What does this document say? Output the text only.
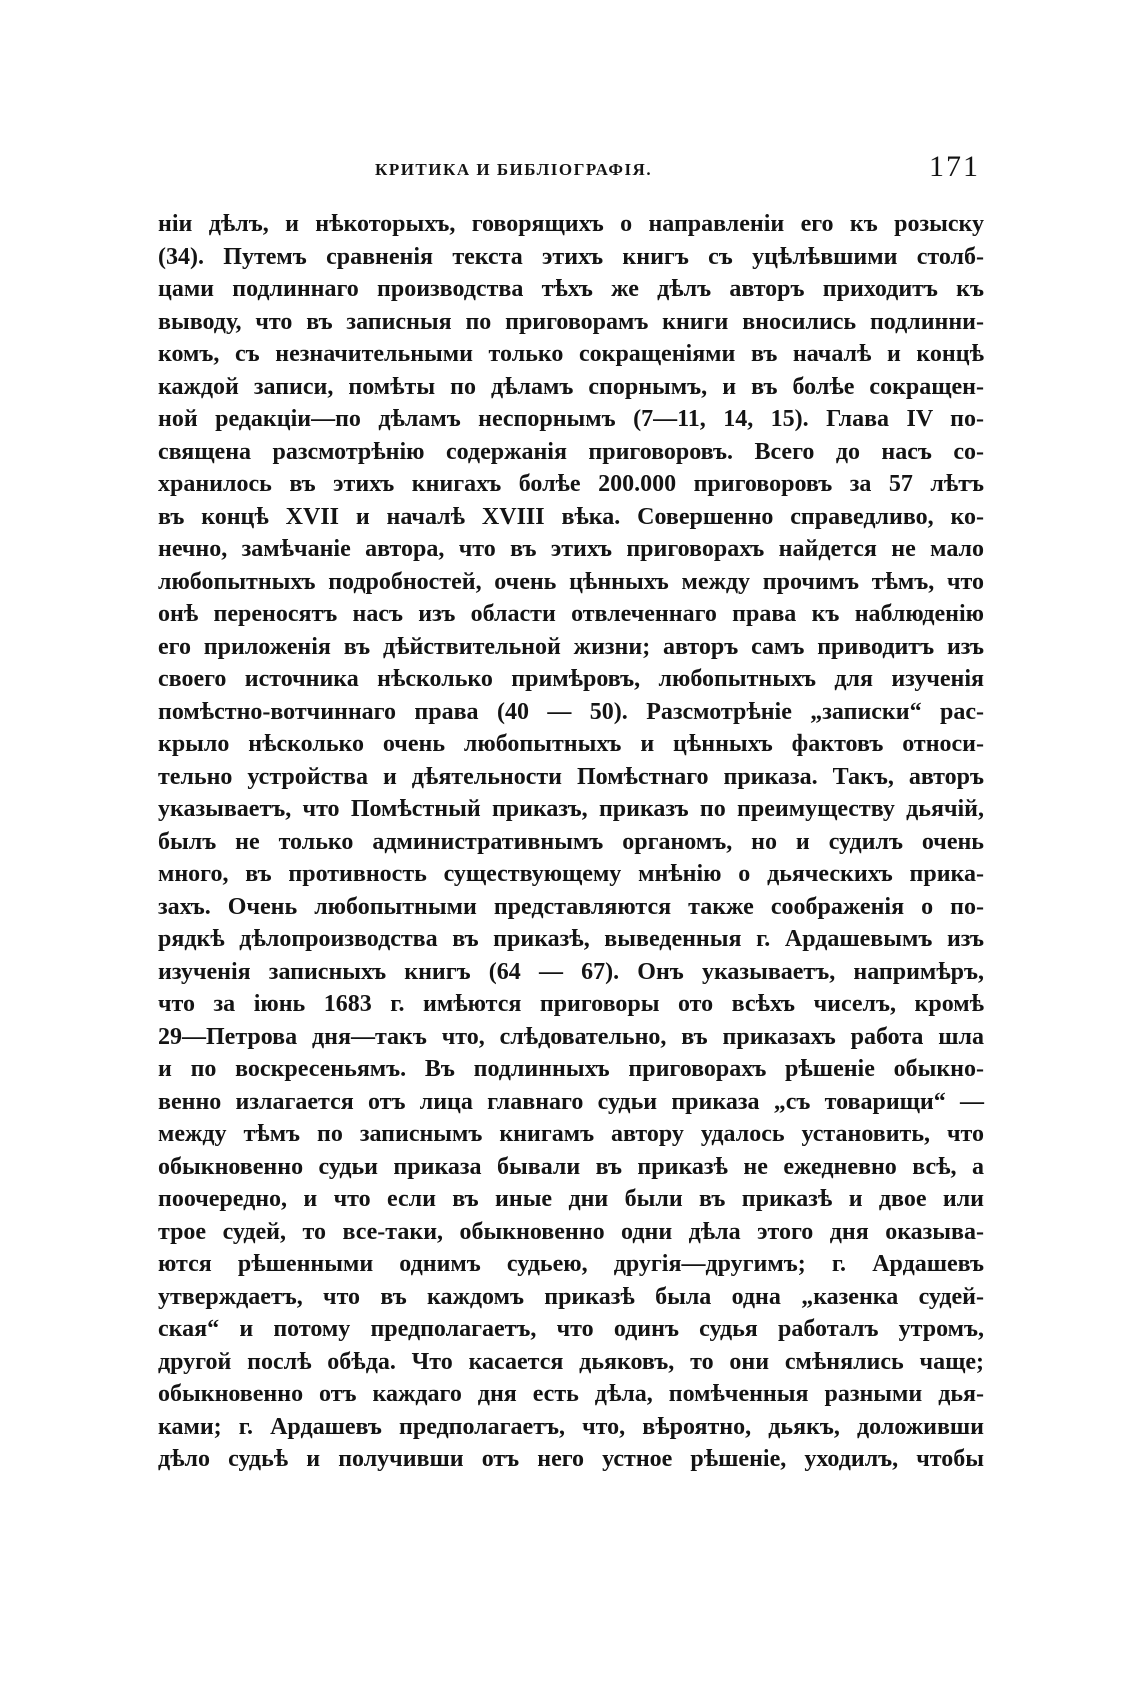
КРИТИКА И БИБЛІОГРАФІЯ.	171
ніи дѣлъ, и нѣкоторыхъ, говорящихъ о направленіи его къ розыску
(34). Путемъ сравненія текста этихъ книгъ съ уцѣлѣвшими столб-
цами подлиннаго производства тѣхъ же дѣлъ авторъ приходитъ къ
выводу, что въ записныя по приговорамъ книги вносились подлинни-
комъ, съ незначительными только сокращеніями въ началѣ и концѣ
каждой записи, помѣты по дѣламъ спорнымъ, и въ болѣе сокращен-
ной редакціи—по дѣламъ неспорнымъ (7—11, 14, 15). Глава IV по-
священа разсмотрѣнію содержанія приговоровъ. Всего до насъ со-
хранилось въ этихъ книгахъ болѣе 200.000 приговоровъ за 57 лѣтъ
въ концѣ XVII и началѣ XVIII вѣка. Совершенно справедливо, ко-
нечно, замѣчаніе автора, что въ этихъ приговорахъ найдется не мало
любопытныхъ подробностей, очень цѣнныхъ между прочимъ тѣмъ, что
онѣ переносятъ насъ изъ области отвлеченнаго права къ наблюденію
его приложенія въ дѣйствительной жизни; авторъ самъ приводитъ изъ
своего источника нѣсколько примѣровъ, любопытныхъ для изученія
помѣстно-вотчиннаго права (40 — 50). Разсмотрѣніе „записки“ рас-
крыло нѣсколько очень любопытныхъ и цѣнныхъ фактовъ относи-
тельно устройства и дѣятельности Помѣстнаго приказа. Такъ, авторъ
указываетъ, что Помѣстный приказъ, приказъ по преимуществу дьячій,
былъ не только административнымъ органомъ, но и судилъ очень
много, въ противность существующему мнѣнію о дьяческихъ прика-
захъ. Очень любопытными представляются также соображенія о по-
рядкѣ дѣлопроизводства въ приказѣ, выведенныя г. Ардашевымъ изъ
изученія записныхъ книгъ (64 — 67). Онъ указываетъ, напримѣръ,
что за іюнь 1683 г. имѣются приговоры ото всѣхъ чиселъ, кромѣ
29—Петрова дня—такъ что, слѣдовательно, въ приказахъ работа шла
и по воскресеньямъ. Въ подлинныхъ приговорахъ рѣшеніе обыкно-
венно излагается отъ лица главнаго судьи приказа „съ товарищи“ —
между тѣмъ по записнымъ книгамъ автору удалось установить, что
обыкновенно судьи приказа бывали въ приказѣ не ежедневно всѣ, а
поочередно, и что если въ иные дни были въ приказѣ и двое или
трое судей, то все-таки, обыкновенно одни дѣла этого дня оказыва-
ются рѣшенными однимъ судьею, другія—другимъ; г. Ардашевъ
утверждаетъ, что въ каждомъ приказѣ была одна „казенка судей-
ская“ и потому предполагаетъ, что одинъ судья работалъ утромъ,
другой послѣ обѣда. Что касается дьяковъ, то они смѣнялись чаще;
обыкновенно отъ каждаго дня есть дѣла, помѣченныя разными дья-
ками; г. Ардашевъ предполагаетъ, что, вѣроятно, дьякъ, доложивши
дѣло судьѣ и получивши отъ него устное рѣшеніе, уходилъ, чтобы
